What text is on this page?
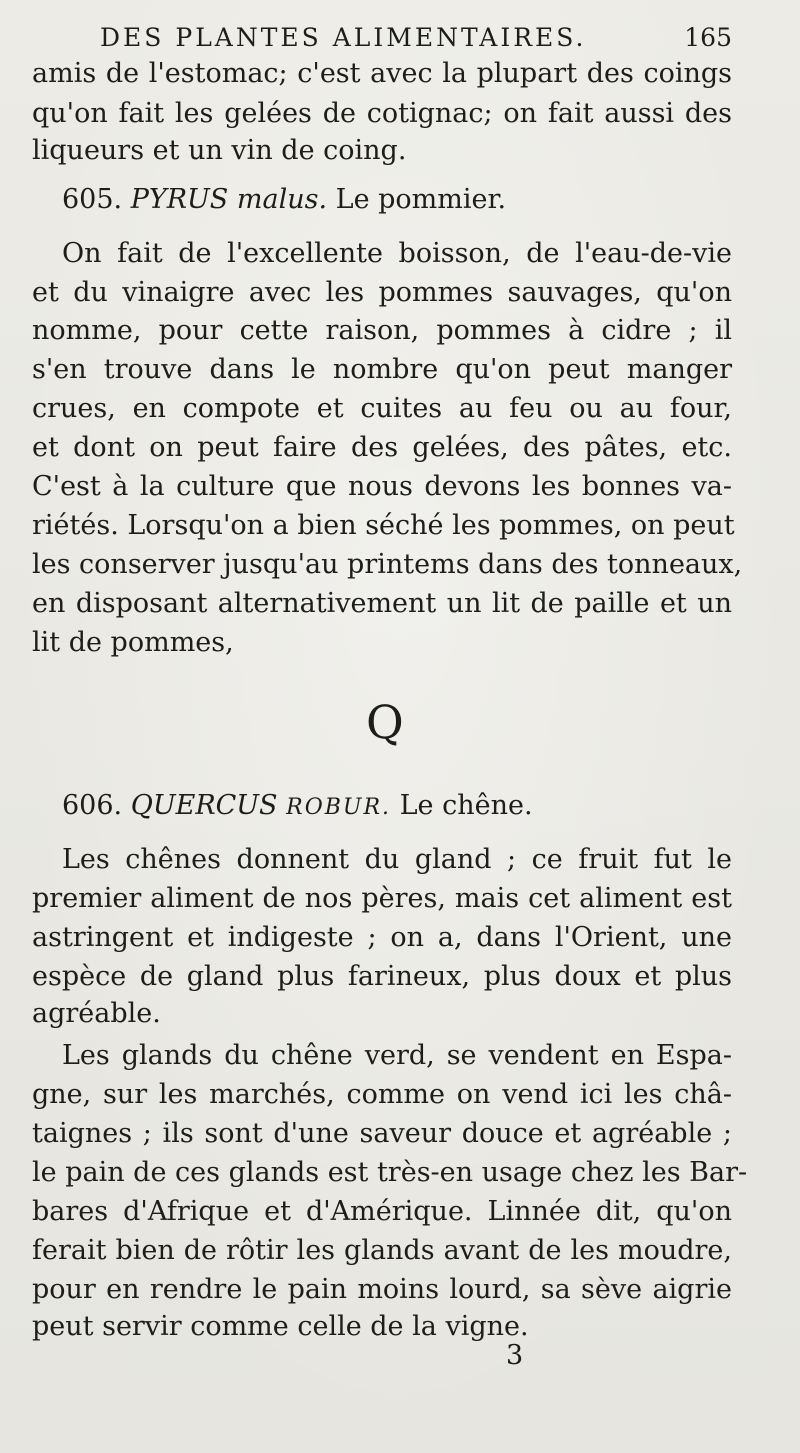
DES PLANTES ALIMENTAIRES.	165
amis de l'estomac; c'est avec la plupart des coings
qu'on fait les gelées de cotignac; on fait aussi des
liqueurs et un vin de coing.
605. PYRUS malus. Le pommier.
On fait de l'excellente boisson, de l'eau-de-vie
et du vinaigre avec les pommes sauvages, qu'on
nomme, pour cette raison, pommes à cidre ; il
s'en trouve dans le nombre qu'on peut manger
crues, en compote et cuites au feu ou au four,
et dont on peut faire des gelées, des pâtes, etc.
C'est à la culture que nous devons les bonnes va-
riétés. Lorsqu'on a bien séché les pommes, on peut
les conserver jusqu'au printems dans des tonneaux,
en disposant alternativement un lit de paille et un
lit de pommes,
Q
606. QUERCUS ROBUR. Le chêne.
Les chênes donnent du gland ; ce fruit fut le
premier aliment de nos pères, mais cet aliment est
astringent et indigeste ; on a, dans l'Orient, une
espèce de gland plus farineux, plus doux et plus
agréable.
Les glands du chêne verd, se vendent en Espa-
gne, sur les marchés, comme on vend ici les châ-
taignes ; ils sont d'une saveur douce et agréable ;
le pain de ces glands est très-en usage chez les Bar-
bares d'Afrique et d'Amérique. Linnée dit, qu'on
ferait bien de rôtir les glands avant de les moudre,
pour en rendre le pain moins lourd, sa sève aigrie
peut servir comme celle de la vigne.
3
